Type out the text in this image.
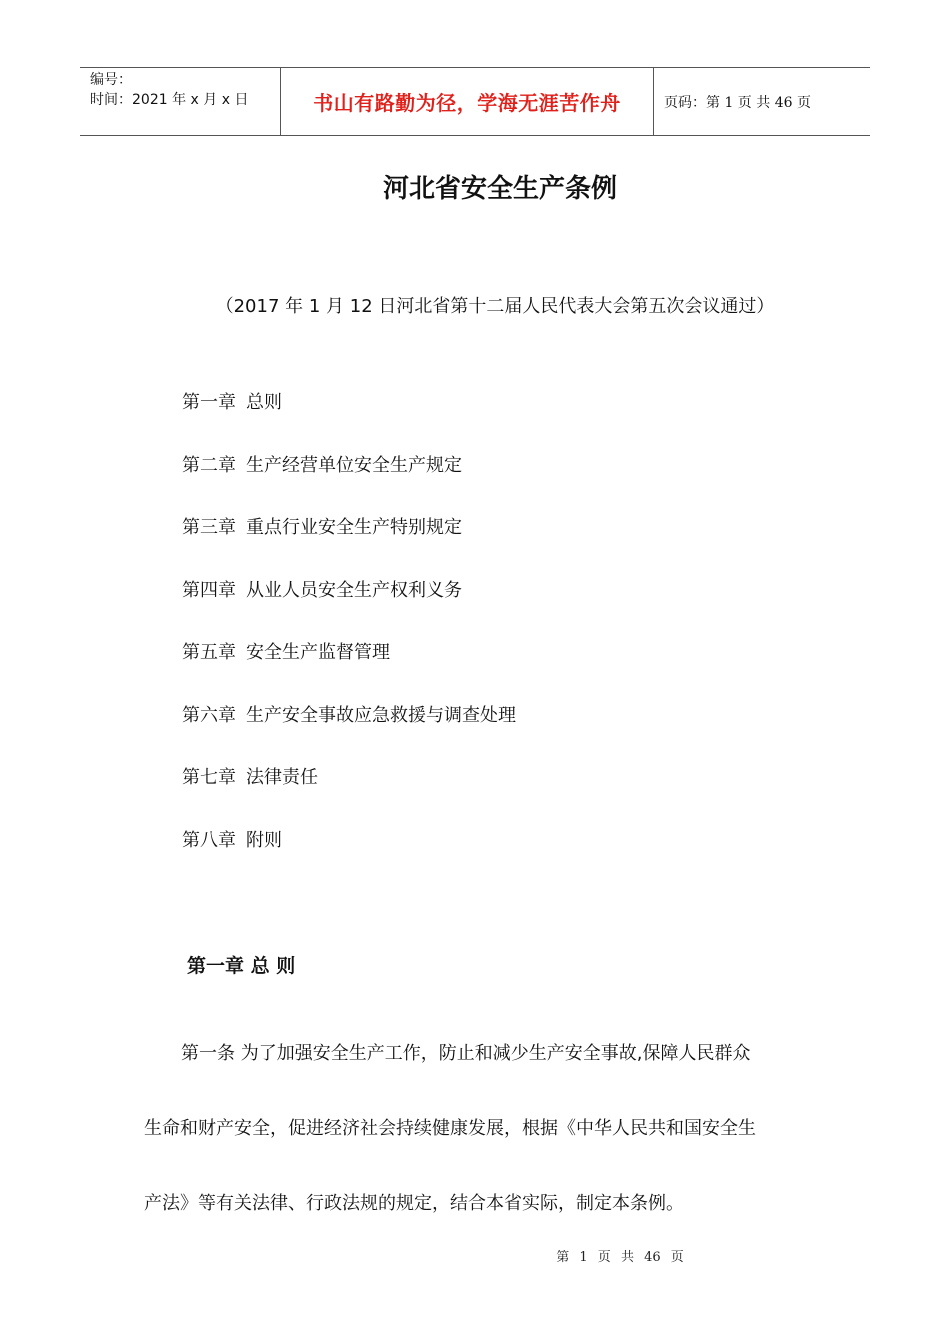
编号：
时间：2021 年 x 月 x 日	书山有路勤为径，学海无涯苦作舟	页码：第 1 页 共 46 页
河北省安全生产条例
（2017 年 1 月 12 日河北省第十二届人民代表大会第五次会议通过）
第一章 总则
第二章 生产经营单位安全生产规定
第三章 重点行业安全生产特别规定
第四章 从业人员安全生产权利义务
第五章 安全生产监督管理
第六章 生产安全事故应急救援与调查处理
第七章 法律责任
第八章 附则
第一章 总 则
第一条 为了加强安全生产工作，防止和减少生产安全事故,保障人民群众
生命和财产安全，促进经济社会持续健康发展，根据《中华人民共和国安全生
产法》等有关法律、行政法规的规定，结合本省实际，制定本条例。
第 1 页 共 46 页
